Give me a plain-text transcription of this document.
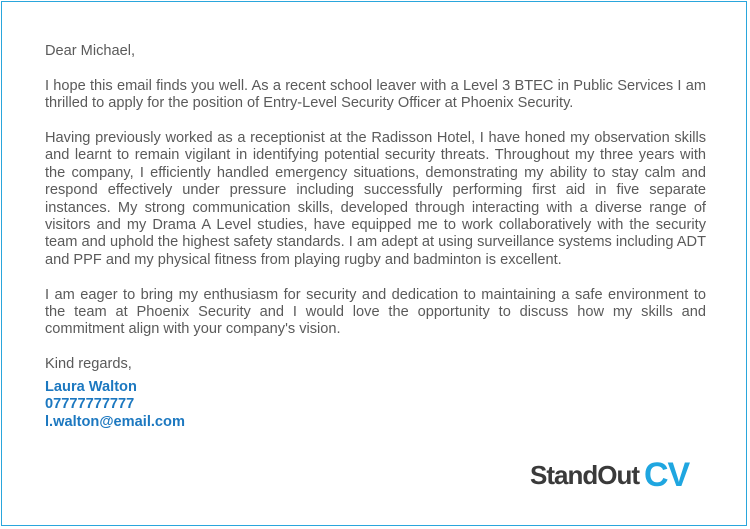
Dear Michael,

I hope this email finds you well. As a recent school leaver with a Level 3 BTEC in Public Services I am thrilled to apply for the position of Entry-Level Security Officer at Phoenix Security.

Having previously worked as a receptionist at the Radisson Hotel, I have honed my observation skills and learnt to remain vigilant in identifying potential security threats. Throughout my three years with the company, I efficiently handled emergency situations, demonstrating my ability to stay calm and respond effectively under pressure including successfully performing first aid in five separate instances. My strong communication skills, developed through interacting with a diverse range of visitors and my Drama A Level studies, have equipped me to work collaboratively with the security team and uphold the highest safety standards. I am adept at using surveillance systems including ADT and PPF and my physical fitness from playing rugby and badminton is excellent.

I am eager to bring my enthusiasm for security and dedication to maintaining a safe environment to the team at Phoenix Security and I would love the opportunity to discuss how my skills and commitment align with your company's vision.

Kind regards,

Laura Walton
07777777777
l.walton@email.com
StandOut CV
